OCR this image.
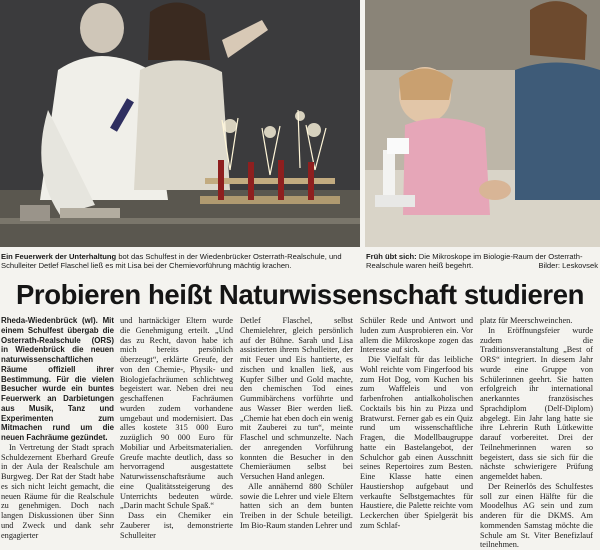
Ein Feuerwerk der Unterhaltung bot das Schulfest in der Wiedenbrücker Osterrath-Realschule, und Schulleiter Detlef Flaschel ließ es mit Lisa bei der Chemievorführung mächtig krachen.
Früh übt sich: Die Mikroskope im Biologie-Raum der Osterrath-Realschule waren heiß begehrt.	Bilder: Leskovsek
Probieren heißt Naturwissenschaft studieren
Rheda-Wiedenbrück (wl). Mit einem Schulfest übergab die Osterrath-Realschule (ORS) in Wiedenbrück die neuen naturwissenschaftlichen Räume offiziell ihrer Bestimmung. Für die vielen Besucher wurde ein buntes Feuerwerk an Darbietungen aus Musik, Tanz und Experimenten zum Mitmachen rund um die neuen Fachräume gezündet.

In Vertretung der Stadt sprach Schuldezernent Eberhard Greufe in der Aula der Realschule am Burgweg. Der Rat der Stadt habe es sich nicht leicht gemacht, die neuen Räume für die Realschule zu genehmigen. Doch nach langen Diskussionen über Sinn und Zweck und dank sehr engagierter

und hartnäckiger Eltern wurde die Genehmigung erteilt. „Und das zu Recht, davon habe ich mich bereits persönlich überzeugt“, erklärte Greufe, der von den Chemie-, Physik- und Biologiefachräumen schlichtweg begeistert war. Neben drei neu geschaffenen Fachräumen wurden zudem vorhandene umgebaut und modernisiert. Das alles kostete 315 000 Euro zuzüglich 90 000 Euro für Mobiliar und Arbeitsmaterialien. Greufe machte deutlich, dass so hervorragend ausgestattete Naturwissenschaftsräume auch eine Qualitätssteigerung des Unterrichts bedeuten würde. „Darin macht Schule Spaß.“

Dass ein Chemiker ein Zauberer ist, demonstrierte Schulleiter

Detlef Flaschel, selbst Chemielehrer, gleich persönlich auf der Bühne. Sarah und Lisa assistierten ihrem Schulleiter, der mit Feuer und Eis hantierte, es zischen und knallen ließ, aus Kupfer Silber und Gold machte, den chemischen Tod eines Gummibärchens vorführte und aus Wasser Bier werden ließ. „Chemie hat eben doch ein wenig mit Zauberei zu tun“, meinte Flaschel und schmunzelte. Nach der anregenden Vorführung konnten die Besucher in den Chemieräumen selbst bei Versuchen Hand anlegen.

Alle annähernd 880 Schüler sowie die Lehrer und viele Eltern hatten sich an dem bunten Treiben in der Schule beteiligt. Im Bio-Raum standen Lehrer und

Schüler Rede und Antwort und luden zum Ausprobieren ein. Vor allem die Mikroskope zogen das Interesse auf sich.

Die Vielfalt für das leibliche Wohl reichte vom Fingerfood bis zum Hot Dog, vom Kuchen bis zum Waffeleis und von farbenfrohen antialkoholischen Cocktails bis hin zu Pizza und Bratwurst. Ferner gab es ein Quiz rund um wissenschaftliche Fragen, die Modellbaugruppe hatte ein Bastelangebot, der Schulchor gab einen Ausschnitt seines Repertoires zum Besten. Eine Klasse hatte einen Haustiershop aufgebaut und verkaufte Selbstgemachtes für Haustiere, die Palette reichte vom Leckerchen über Spielgerät bis zum Schlaf-

platz für Meerschweinchen.

In Eröffnungsfeier wurde zudem die Traditionsveranstaltung „Best of ORS“ integriert. In diesem Jahr wurde eine Gruppe von Schülerinnen geehrt. Sie hatten erfolgreich ihr international anerkanntes französisches Sprachdiplom (Delf-Diplom) abgelegt. Ein Jahr lang hatte sie ihre Lehrerin Ruth Lütkewitte darauf vorbereitet. Drei der Teilnehmerinnen waren so begeistert, dass sie sich für die nächste schwierigere Prüfung angemeldet haben.

Der Reinerlös des Schulfestes soll zur einen Hälfte für die Moodelhus AG sein und zum anderen für die DKMS. Am kommenden Samstag möchte die Schule am St. Viter Benefizlauf teilnehmen.
